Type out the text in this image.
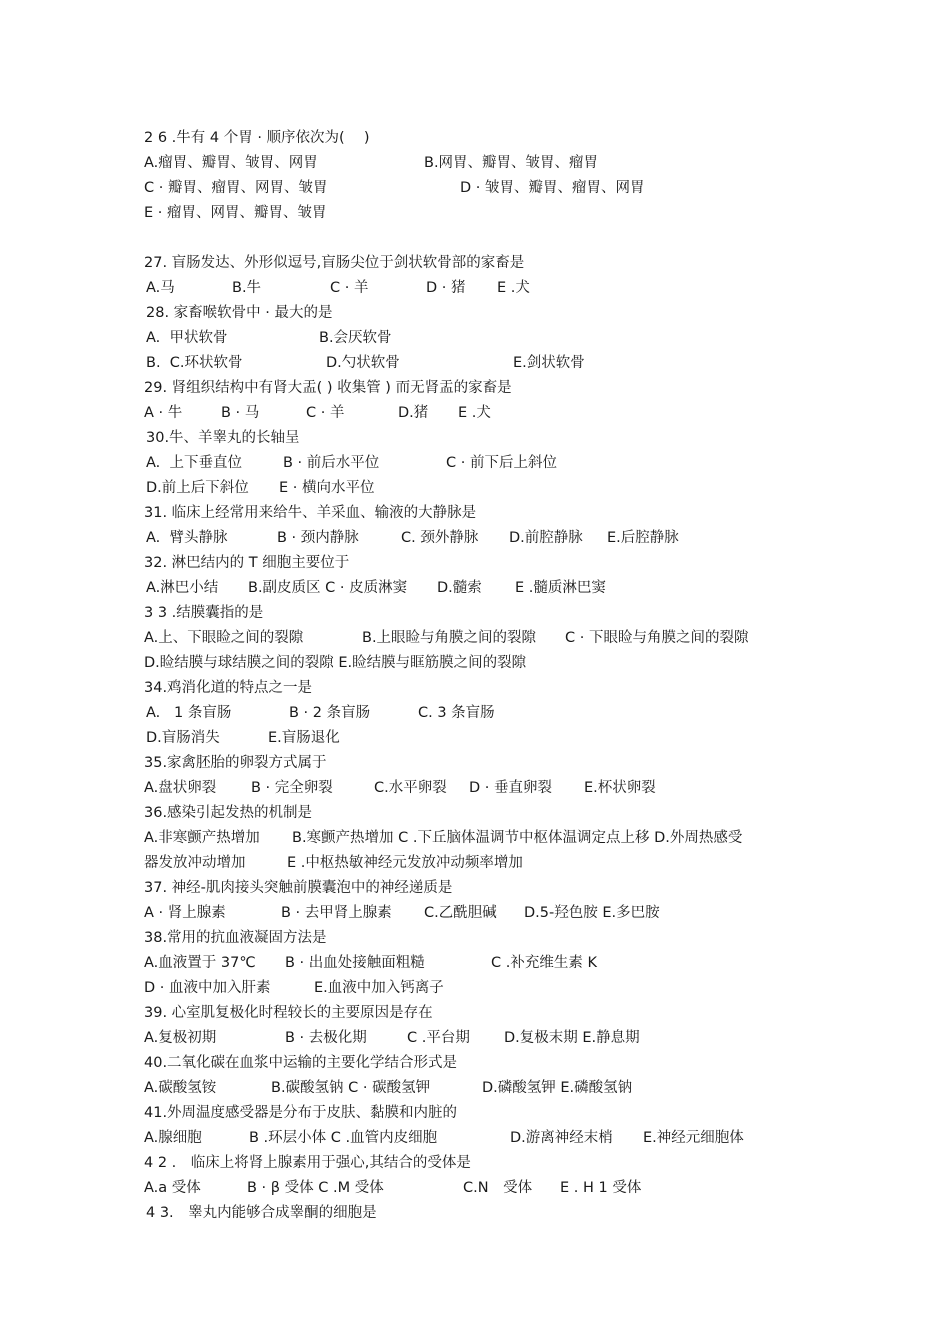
2 6 .牛有 4 个胃 · 顺序依次为(　 )
A.瘤胃、瓣胃、皱胃、网胃	B.网胃、瓣胃、皱胃、瘤胃
C · 瓣胃、瘤胃、网胃、皱胃	D · 皱胃、瓣胃、瘤胃、网胃
E · 瘤胃、网胃、瓣胃、皱胃
27. 盲肠发达、外形似逗号,盲肠尖位于剑状软骨部的家畜是
A.马	B.牛	C · 羊	D · 猪 E .犬
28. 家畜喉软骨中 · 最大的是
A.  甲状软骨	B.会厌软骨
B.  C.环状软骨	D.勺状软骨	E.剑状软骨
29. 肾组织结构中有肾大盂( ) 收集管 ) 而无肾盂的家畜是
A · 牛	B · 马	C · 羊	D.猪 E .犬
30.牛、羊睾丸的长轴呈
A.  上下垂直位	B · 前后水平位	C · 前下后上斜位
D.前上后下斜位 E · 横向水平位
31. 临床上经常用来给牛、羊采血、输液的大静脉是
A.  臂头静脉	B · 颈内静脉	C. 颈外静脉 D.前腔静脉 E.后腔静脉
32. 淋巴结内的 T 细胞主要位于
A.淋巴小结 B.副皮质区 C · 皮质淋窦 D.髓索 E .髓质淋巴窦
3 3 .结膜囊指的是
A.上、下眼睑之间的裂隙	B.上眼睑与角膜之间的裂隙 C · 下眼睑与角膜之间的裂隙
D.睑结膜与球结膜之间的裂隙 E.睑结膜与眶筋膜之间的裂隙
34.鸡消化道的特点之一是
A. 1 条盲肠	B · 2 条盲肠	C. 3 条盲肠
D.盲肠消失	E.盲肠退化
35.家禽胚胎的卵裂方式属于
A.盘状卵裂 B · 完全卵裂	C.水平卵裂 D · 垂直卵裂 E.杯状卵裂
36.感染引起发热的机制是
A.非寒颤产热增加 B.寒颤产热增加 C .下丘脑体温调节中枢体温调定点上移 D.外周热感受
器发放冲动增加	E .中枢热敏神经元发放冲动频率增加
37. 神经-肌肉接头突触前膜囊泡中的神经递质是
A · 肾上腺素	B · 去甲肾上腺素 C.乙酰胆碱 D.5-羟色胺 E.多巴胺
38.常用的抗血液凝固方法是
A.血液置于 37℃ B · 出血处接触面粗糙	C .补充维生素 K
D · 血液中加入肝素	E.血液中加入钙离子
39. 心室肌复极化时程较长的主要原因是存在
A.复极初期	B · 去极化期	C .平台期 D.复极末期 E.静息期
40.二氧化碳在血浆中运输的主要化学结合形式是
A.碳酸氢铵	B.碳酸氢钠 C · 碳酸氢钾	D.磷酸氢钾 E.磷酸氢钠
41.外周温度感受器是分布于皮肤、黏膜和内脏的
A.腺细胞	B .环层小体 C .血管内皮细胞	D.游离神经末梢 E.神经元细胞体
4 2 .　临床上将肾上腺素用于强心,其结合的受体是
A.a 受体	B · β 受体 C .M 受体	C.N　受体 E . H 1 受体
4 3.　睾丸内能够合成睾酮的细胞是
